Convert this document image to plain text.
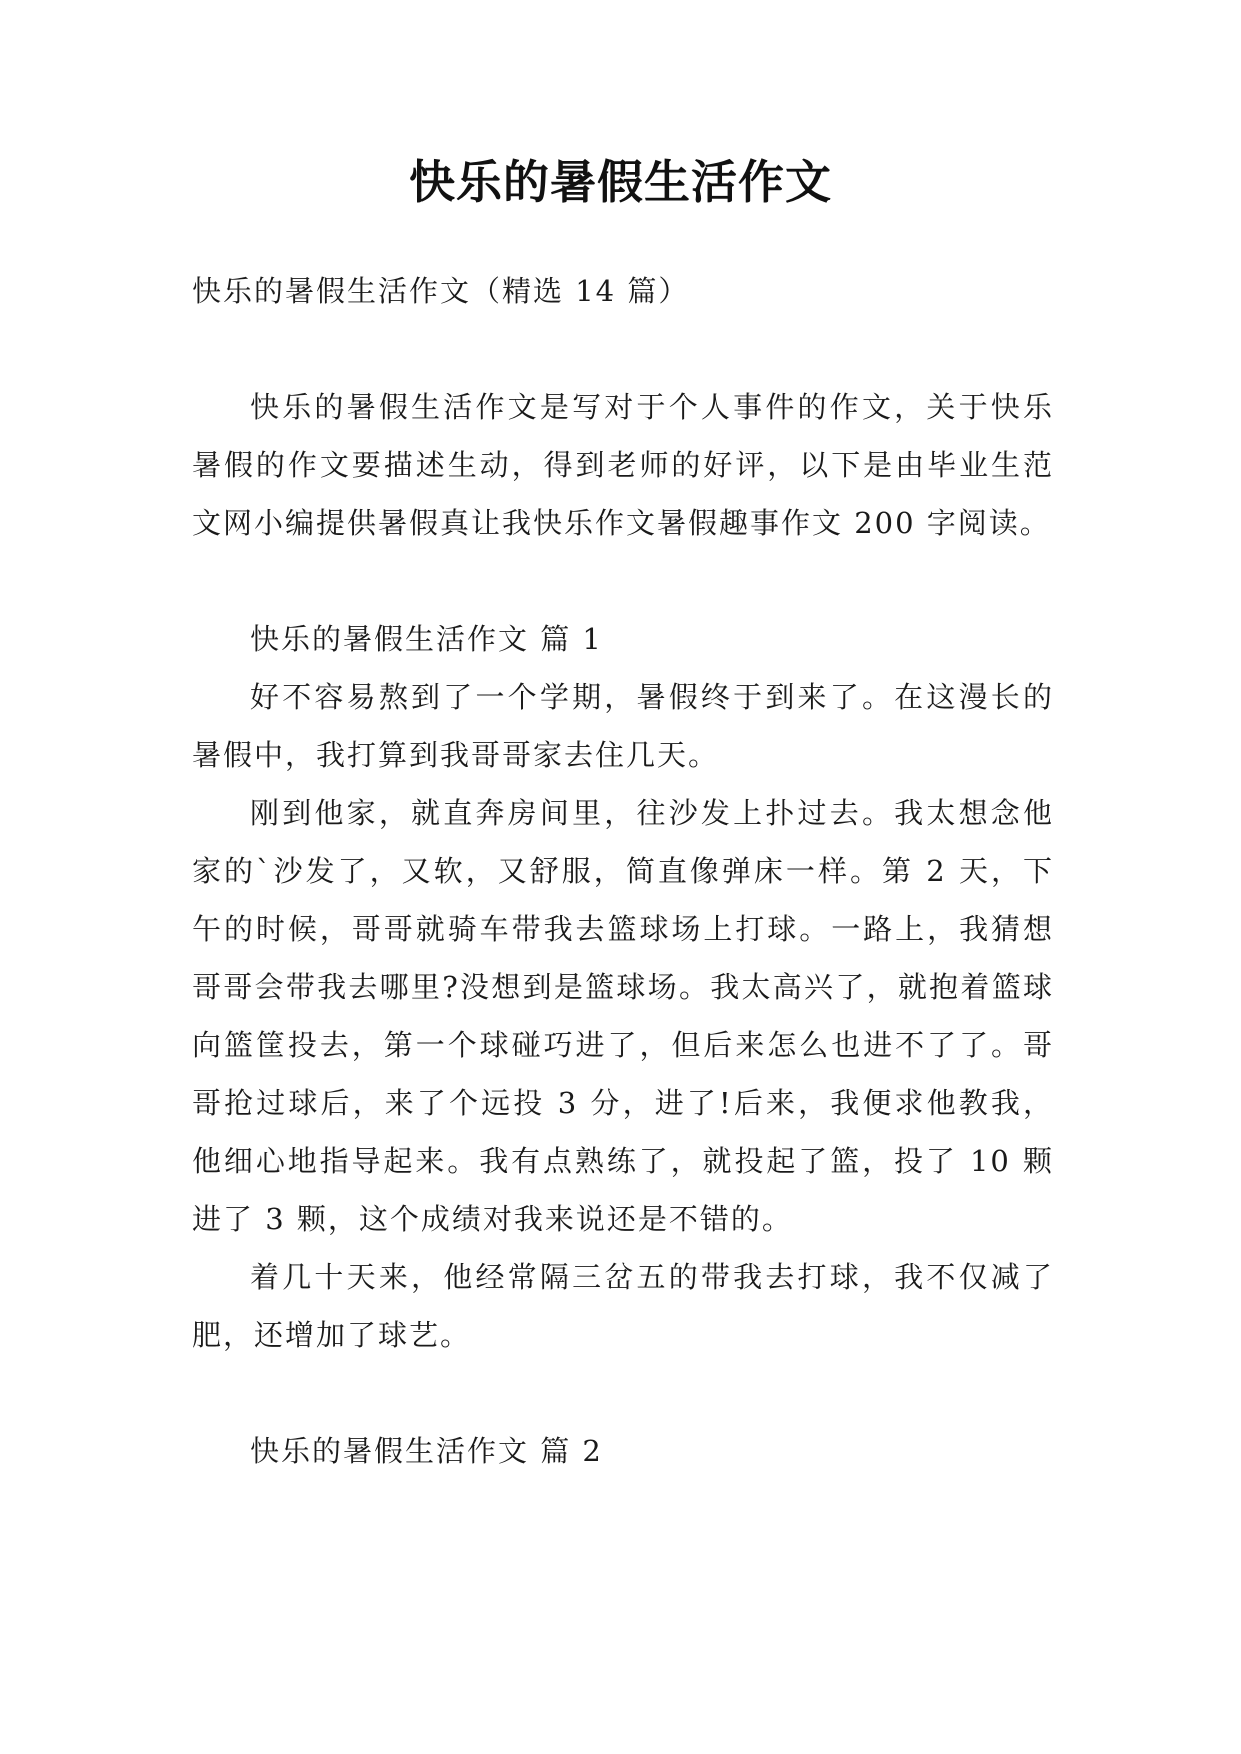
快乐的暑假生活作文

快乐的暑假生活作文（精选 14 篇）

快乐的暑假生活作文是写对于个人事件的作文，关于快乐暑假的作文要描述生动，得到老师的好评，以下是由毕业生范文网小编提供暑假真让我快乐作文暑假趣事作文 200 字阅读。

快乐的暑假生活作文 篇 1

好不容易熬到了一个学期，暑假终于到来了。在这漫长的暑假中，我打算到我哥哥家去住几天。

刚到他家，就直奔房间里，往沙发上扑过去。我太想念他家的`沙发了，又软，又舒服，简直像弹床一样。第 2 天，下午的时候，哥哥就骑车带我去篮球场上打球。一路上，我猜想哥哥会带我去哪里?没想到是篮球场。我太高兴了，就抱着篮球向篮筐投去，第一个球碰巧进了，但后来怎么也进不了了。哥哥抢过球后，来了个远投 3 分，进了!后来，我便求他教我，他细心地指导起来。我有点熟练了，就投起了篮，投了 10 颗进了 3 颗，这个成绩对我来说还是不错的。

着几十天来，他经常隔三岔五的带我去打球，我不仅减了肥，还增加了球艺。

快乐的暑假生活作文 篇 2
